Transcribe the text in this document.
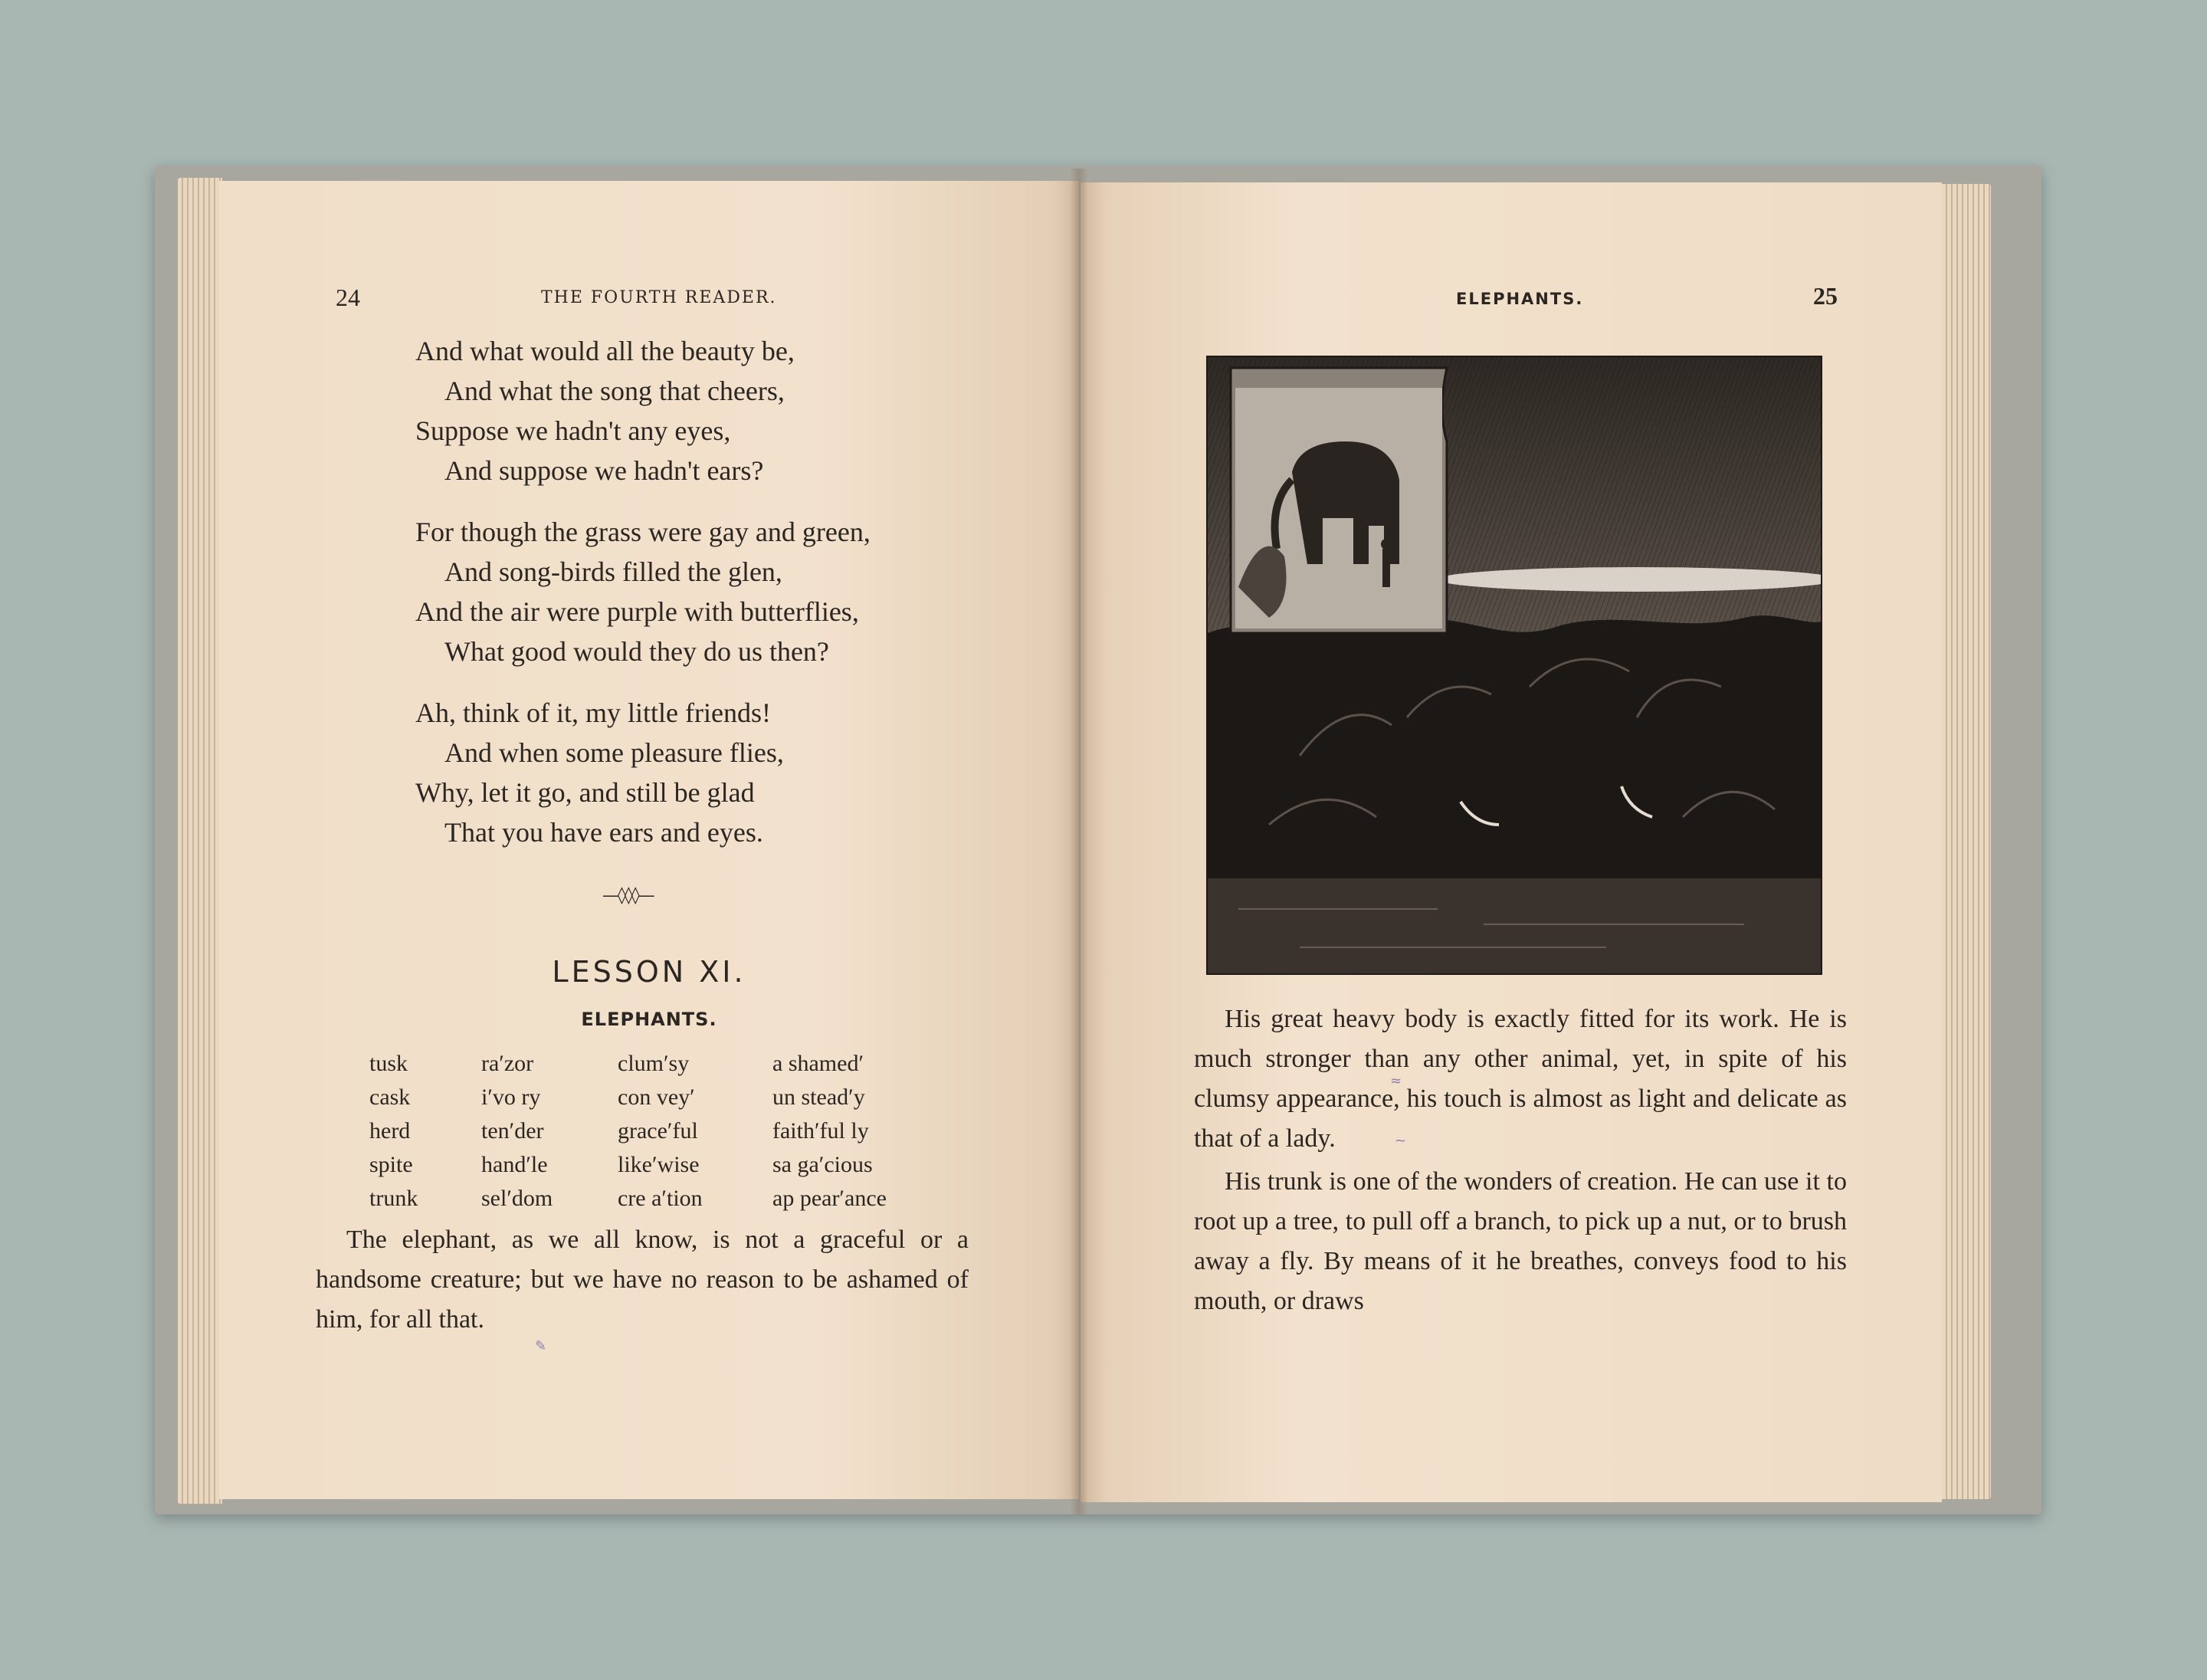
24	THE FOURTH READER.
And what would all the beauty be,
And what the song that cheers,
Suppose we hadn't any eyes,
And suppose we hadn't ears?
For though the grass were gay and green,
And song-birds filled the glen,
And the air were purple with butterflies,
What good would they do us then?
Ah, think of it, my little friends!
And when some pleasure flies,
Why, let it go, and still be glad
That you have ears and eyes.
—◊◊◊—
LESSON XI.
ELEPHANTS.
tusk
cask
herd
spite
trunk
ra′zor
i′vo ry
ten′der
hand′le
sel′dom
clum′sy
con vey′
grace′ful
like′wise
cre a′tion
a shamed′
un stead′y
faith′ful ly
sa ga′cious
ap pear′ance

The elephant, as we all know, is not a graceful or a handsome creature; but we have no reason to be ashamed of him, for all that.

✎
ELEPHANTS.	25

His great heavy body is exactly fitted for its work. He is much stronger than any other animal, yet, in spite of his clumsy appearance, his touch is almost as light and delicate as that of a lady.

His trunk is one of the wonders of creation. He can use it to root up a tree, to pull off a branch, to pick up a nut, or to brush away a fly. By means of it he breathes, conveys food to his mouth, or draws

≈
~
